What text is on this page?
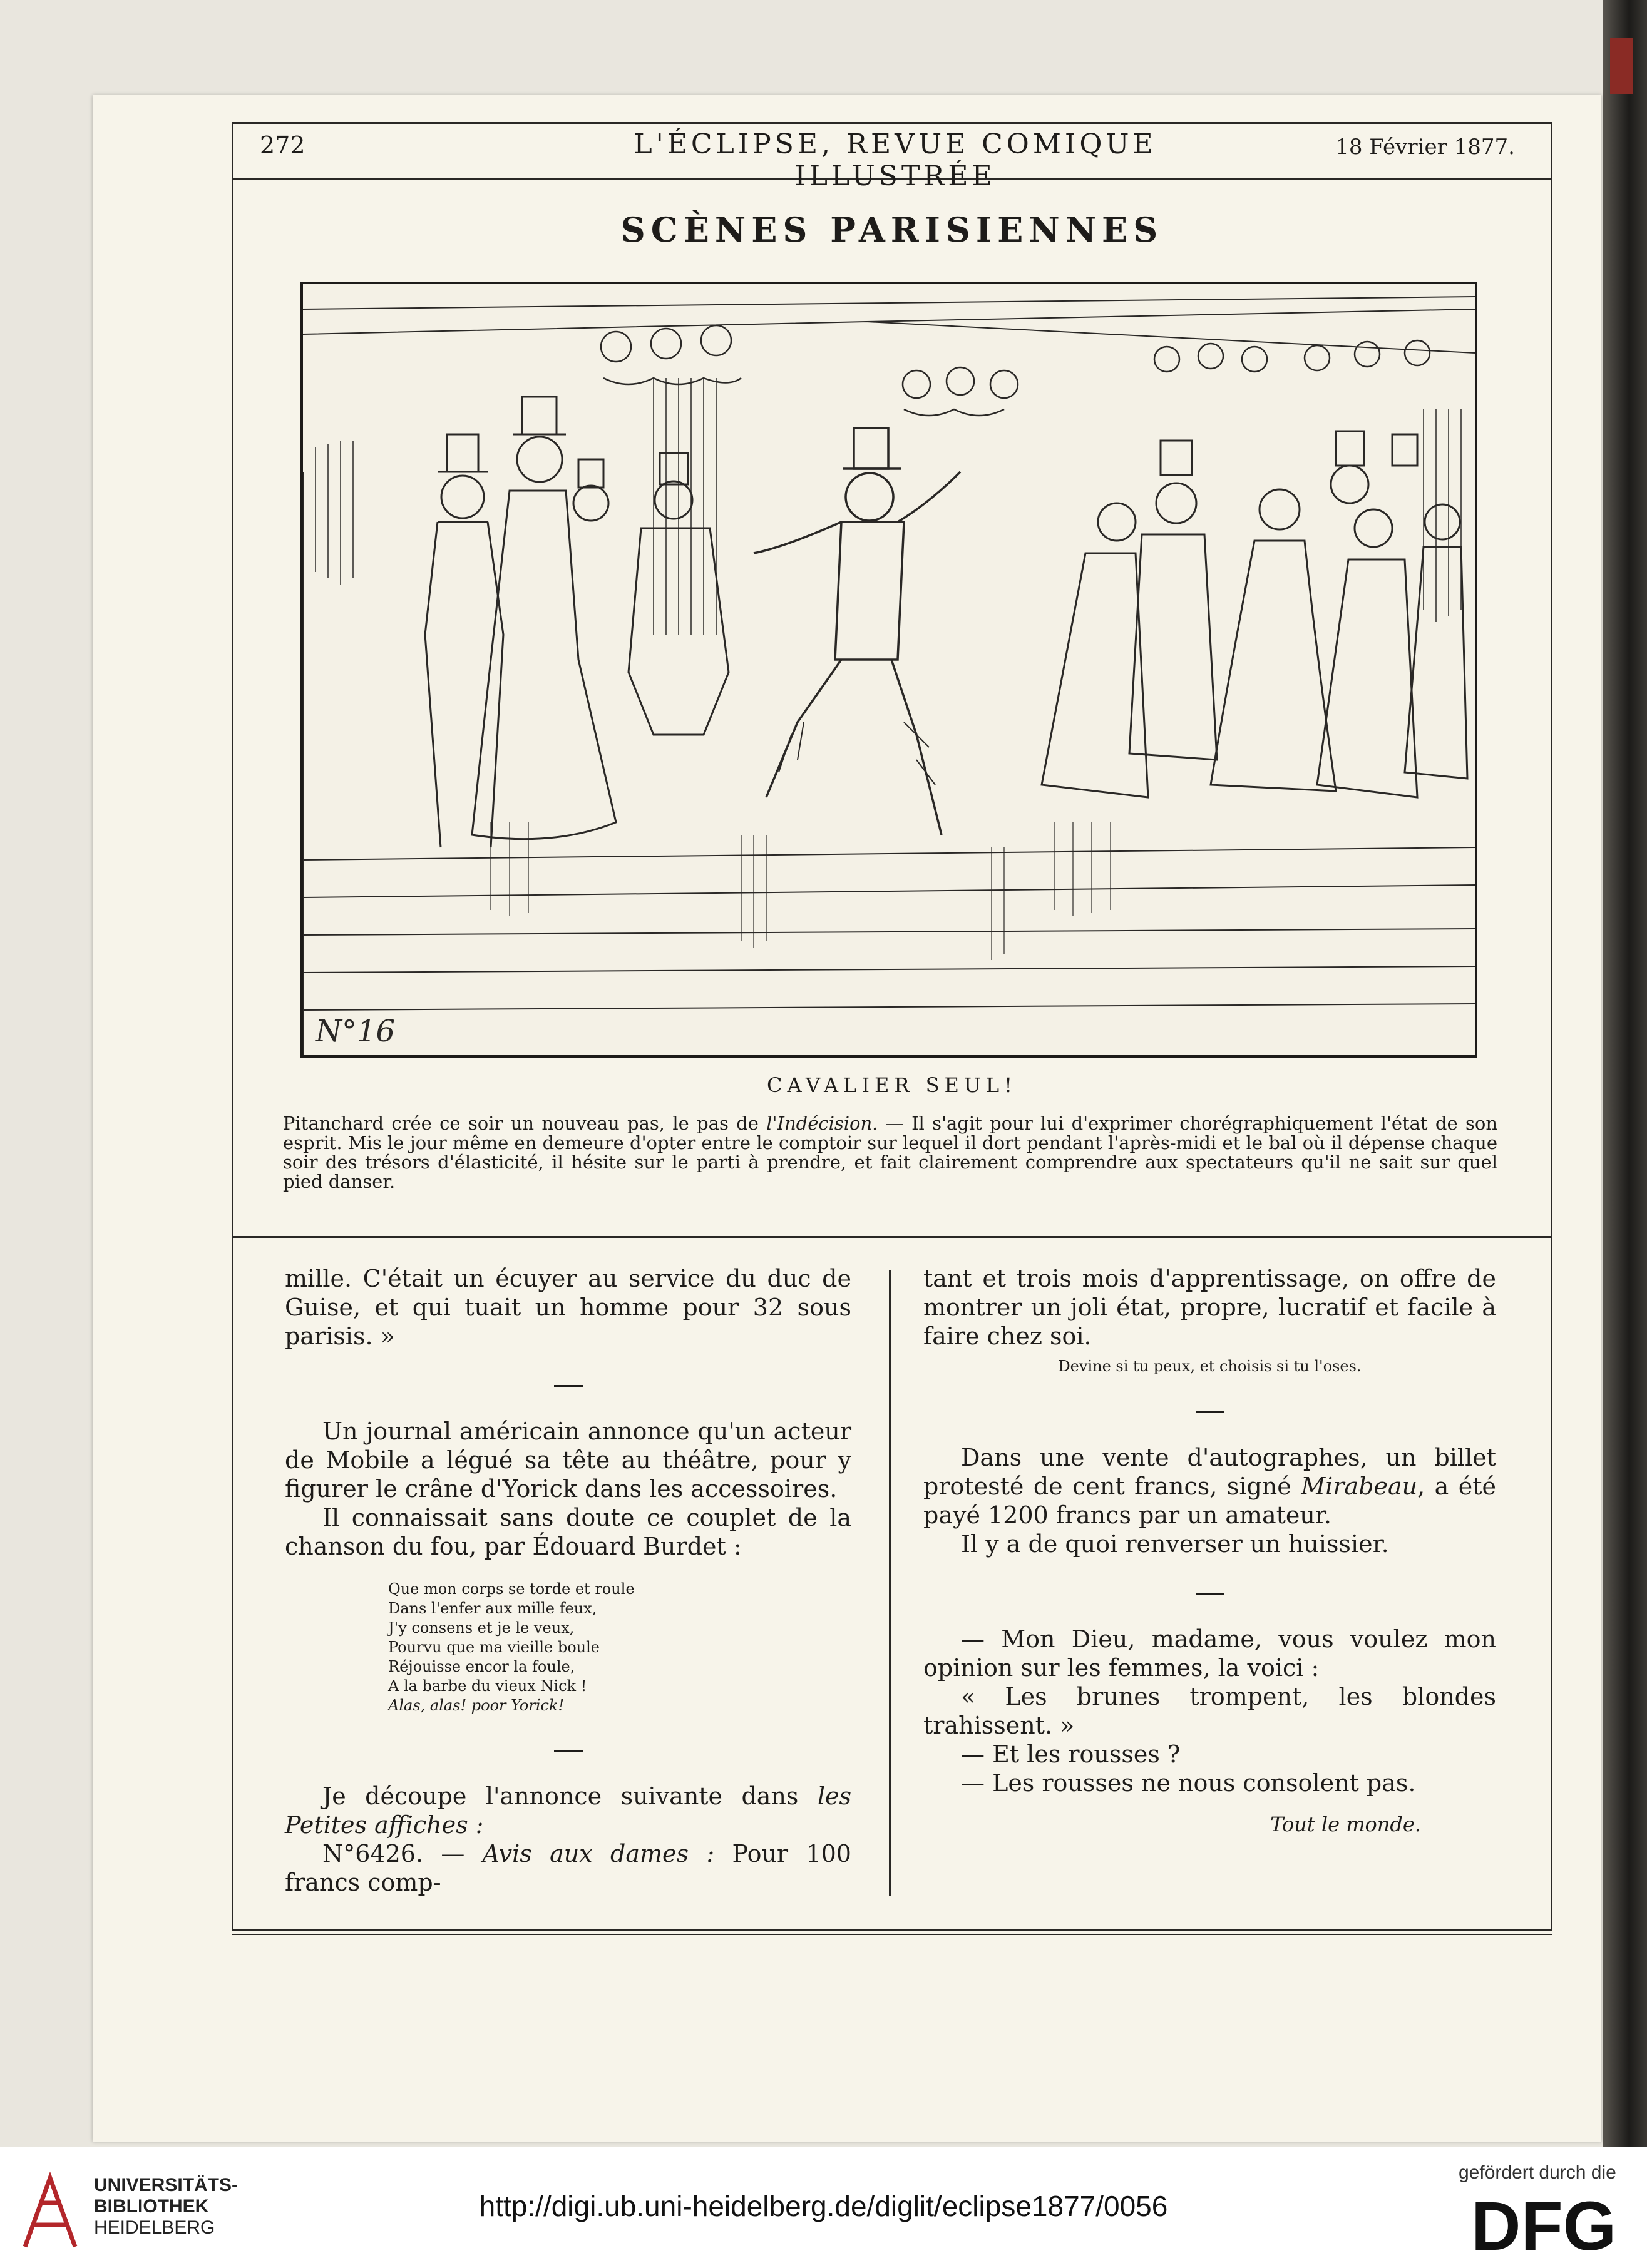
272	L'ÉCLIPSE, REVUE COMIQUE ILLUSTRÉE
18 Février 1877.
SCÈNES PARISIENNES
N°16
CAVALIER SEUL!
Pitanchard crée ce soir un nouveau pas, le pas de l'Indécision. — Il s'agit pour lui d'exprimer chorégraphiquement l'état de son esprit. Mis le jour même en demeure d'opter entre le comptoir sur lequel il dort pendant l'après-midi et le bal où il dépense chaque soir des trésors d'élasticité, il hésite sur le parti à prendre, et fait clairement comprendre aux spectateurs qu'il ne sait sur quel pied danser.

mille. C'était un écuyer au service du duc de Guise, et qui tuait un homme pour 32 sous parisis. »

Un journal américain annonce qu'un acteur de Mobile a légué sa tête au théâtre, pour y figurer le crâne d'Yorick dans les accessoires.

Il connaissait sans doute ce couplet de la chanson du fou, par Édouard Burdet :

Que mon corps se torde et roule
Dans l'enfer aux mille feux,
J'y consens et je le veux,
Pourvu que ma vieille boule
Réjouisse encor la foule,
A la barbe du vieux Nick !
Alas, alas! poor Yorick!

Je découpe l'annonce suivante dans les Petites affiches :

N°6426. — Avis aux dames : Pour 100 francs comp-

tant et trois mois d'apprentissage, on offre de montrer un joli état, propre, lucratif et facile à faire chez soi.

Devine si tu peux, et choisis si tu l'oses.

Dans une vente d'autographes, un billet protesté de cent francs, signé Mirabeau, a été payé 1200 francs par un amateur.

Il y a de quoi renverser un huissier.

— Mon Dieu, madame, vous voulez mon opinion sur les femmes, la voici :

« Les brunes trompent, les blondes trahissent. »

— Et les rousses ?

— Les rousses ne nous consolent pas.

Tout le monde.

UNIVERSITÄTS-
BIBLIOTHEK
HEIDELBERG
http://digi.ub.uni-heidelberg.de/diglit/eclipse1877/0056
gefördert durch die
DFG
